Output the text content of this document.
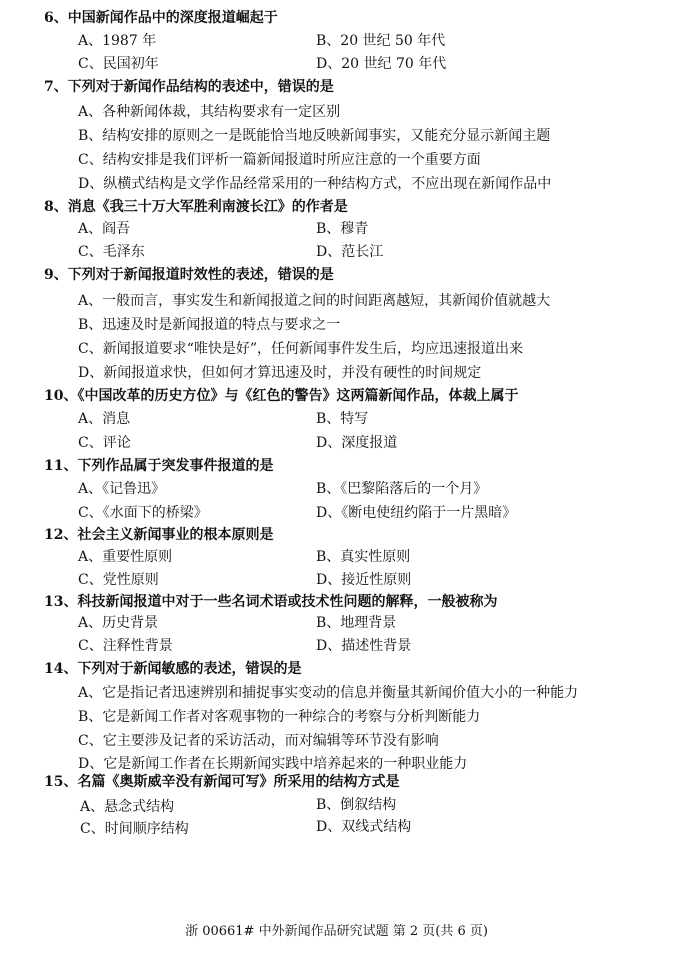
6、中国新闻作品中的深度报道崛起于
A、1987 年	B、20 世纪 50 年代
C、民国初年	D、20 世纪 70 年代
7、下列对于新闻作品结构的表述中，错误的是
A、各种新闻体裁，其结构要求有一定区别
B、结构安排的原则之一是既能恰当地反映新闻事实，又能充分显示新闻主题
C、结构安排是我们评析一篇新闻报道时所应注意的一个重要方面
D、纵横式结构是文学作品经常采用的一种结构方式，不应出现在新闻作品中
8、消息《我三十万大军胜利南渡长江》的作者是
A、阎吾	B、穆青
C、毛泽东	D、范长江
9、下列对于新闻报道时效性的表述，错误的是
A、一般而言，事实发生和新闻报道之间的时间距离越短，其新闻价值就越大
B、迅速及时是新闻报道的特点与要求之一
C、新闻报道要求“唯快是好”，任何新闻事件发生后，均应迅速报道出来
D、新闻报道求快，但如何才算迅速及时，并没有硬性的时间规定
10、《中国改革的历史方位》与《红色的警告》这两篇新闻作品，体裁上属于
A、消息	B、特写
C、评论	D、深度报道
11、下列作品属于突发事件报道的是
A、《记鲁迅》	B、《巴黎陷落后的一个月》
C、《水面下的桥梁》	D、《断电使纽约陷于一片黑暗》
12、社会主义新闻事业的根本原则是
A、重要性原则	B、真实性原则
C、党性原则	D、接近性原则
13、科技新闻报道中对于一些名词术语或技术性问题的解释，一般被称为
A、历史背景	B、地理背景
C、注释性背景	D、描述性背景
14、下列对于新闻敏感的表述，错误的是
A、它是指记者迅速辨别和捕捉事实变动的信息并衡量其新闻价值大小的一种能力
B、它是新闻工作者对客观事物的一种综合的考察与分析判断能力
C、它主要涉及记者的采访活动，而对编辑等环节没有影响
D、它是新闻工作者在长期新闻实践中培养起来的一种职业能力
15、名篇《奥斯威辛没有新闻可写》所采用的结构方式是
A、悬念式结构	B、倒叙结构
C、时间顺序结构	D、双线式结构
浙 00661# 中外新闻作品研究试题 第 2 页(共 6 页)
